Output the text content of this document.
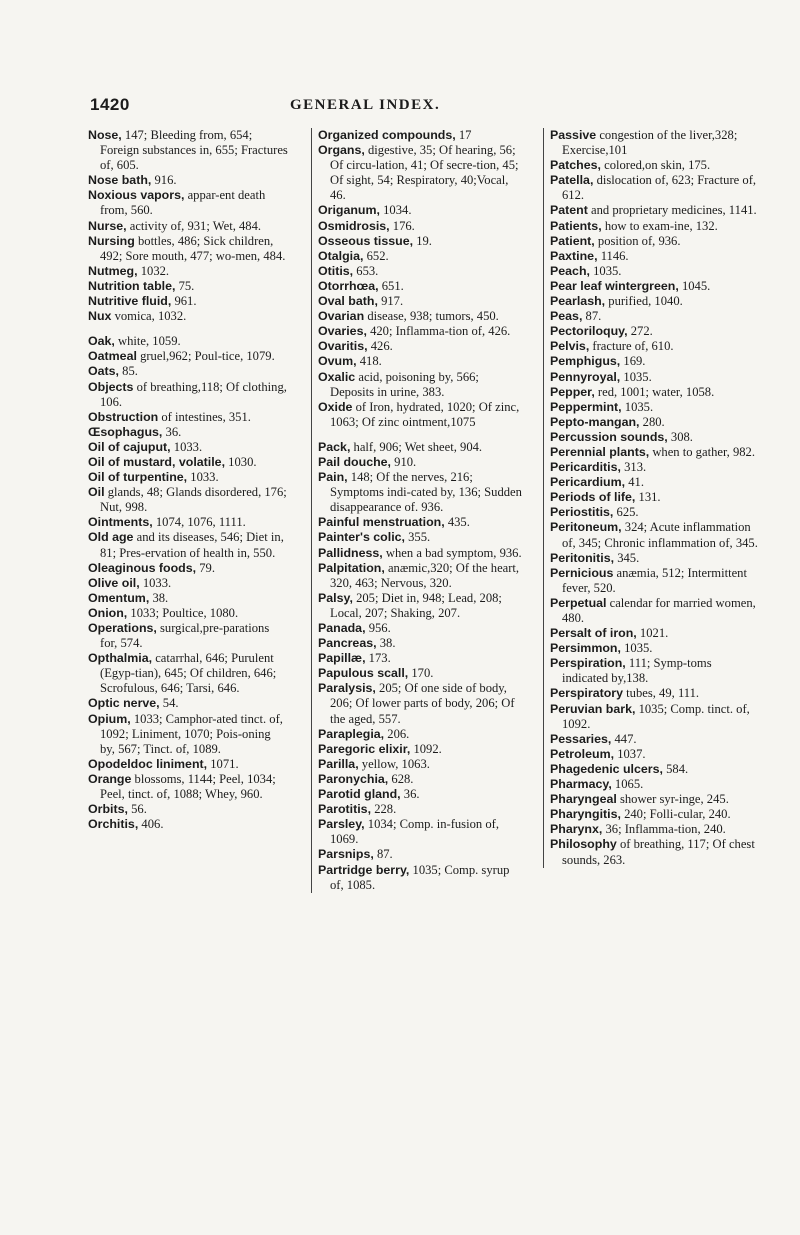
1420	GENERAL INDEX.

Nose, 147; Bleeding from, 654; Foreign substances in, 655; Fractures of, 605.

Nose bath, 916.

Noxious vapors, appar-ent death from, 560.

Nurse, activity of, 931; Wet, 484.

Nursing bottles, 486; Sick children, 492; Sore mouth, 477; wo-men, 484.

Nutmeg, 1032.

Nutrition table, 75.

Nutritive fluid, 961.

Nux vomica, 1032.

Oak, white, 1059.

Oatmeal gruel,962; Poul-tice, 1079.

Oats, 85.

Objects of breathing,118; Of clothing, 106.

Obstruction of intestines, 351.

Œsophagus, 36.

Oil of cajuput, 1033.

Oil of mustard, volatile, 1030.

Oil of turpentine, 1033.

Oil glands, 48; Glands disordered, 176; Nut, 998.

Ointments, 1074, 1076, 1111.

Old age and its diseases, 546; Diet in, 81; Pres-ervation of health in, 550.

Oleaginous foods, 79.

Olive oil, 1033.

Omentum, 38.

Onion, 1033; Poultice, 1080.

Operations, surgical,pre-parations for, 574.

Opthalmia, catarrhal, 646; Purulent (Egyp-tian), 645; Of children, 646; Scrofulous, 646; Tarsi, 646.

Optic nerve, 54.

Opium, 1033; Camphor-ated tinct. of, 1092; Liniment, 1070; Pois-oning by, 567; Tinct. of, 1089.

Opodeldoc liniment, 1071.

Orange blossoms, 1144; Peel, 1034; Peel, tinct. of, 1088; Whey, 960.

Orbits, 56.

Orchitis, 406.

Organized compounds, 17

Organs, digestive, 35; Of hearing, 56; Of circu-lation, 41; Of secre-tion, 45; Of sight, 54; Respiratory, 40;Vocal, 46.

Origanum, 1034.

Osmidrosis, 176.

Osseous tissue, 19.

Otalgia, 652.

Otitis, 653.

Otorrhœa, 651.

Oval bath, 917.

Ovarian disease, 938; tumors, 450.

Ovaries, 420; Inflamma-tion of, 426.

Ovaritis, 426.

Ovum, 418.

Oxalic acid, poisoning by, 566; Deposits in urine, 383.

Oxide of Iron, hydrated, 1020; Of zinc, 1063; Of zinc ointment,1075

Pack, half, 906; Wet sheet, 904.

Pail douche, 910.

Pain, 148; Of the nerves, 216; Symptoms indi-cated by, 136; Sudden disappearance of. 936.

Painful menstruation, 435.

Painter's colic, 355.

Pallidness, when a bad symptom, 936.

Palpitation, anæmic,320; Of the heart, 320, 463; Nervous, 320.

Palsy, 205; Diet in, 948; Lead, 208; Local, 207; Shaking, 207.

Panada, 956.

Pancreas, 38.

Papillæ, 173.

Papulous scall, 170.

Paralysis, 205; Of one side of body, 206; Of lower parts of body, 206; Of the aged, 557.

Paraplegia, 206.

Paregoric elixir, 1092.

Parilla, yellow, 1063.

Paronychia, 628.

Parotid gland, 36.

Parotitis, 228.

Parsley, 1034; Comp. in-fusion of, 1069.

Parsnips, 87.

Partridge berry, 1035; Comp. syrup of, 1085.

Passive congestion of the liver,328; Exercise,101

Patches, colored,on skin, 175.

Patella, dislocation of, 623; Fracture of, 612.

Patent and proprietary medicines, 1141.

Patients, how to exam-ine, 132.

Patient, position of, 936.

Paxtine, 1146.

Peach, 1035.

Pear leaf wintergreen, 1045.

Pearlash, purified, 1040.

Peas, 87.

Pectoriloquy, 272.

Pelvis, fracture of, 610.

Pemphigus, 169.

Pennyroyal, 1035.

Pepper, red, 1001; water, 1058.

Peppermint, 1035.

Pepto-mangan, 280.

Percussion sounds, 308.

Perennial plants, when to gather, 982.

Pericarditis, 313.

Pericardium, 41.

Periods of life, 131.

Periostitis, 625.

Peritoneum, 324; Acute inflammation of, 345; Chronic inflammation of, 345.

Peritonitis, 345.

Pernicious anæmia, 512; Intermittent fever, 520.

Perpetual calendar for married women, 480.

Persalt of iron, 1021.

Persimmon, 1035.

Perspiration, 111; Symp-toms indicated by,138.

Perspiratory tubes, 49, 111.

Peruvian bark, 1035; Comp. tinct. of, 1092.

Pessaries, 447.

Petroleum, 1037.

Phagedenic ulcers, 584.

Pharmacy, 1065.

Pharyngeal shower syr-inge, 245.

Pharyngitis, 240; Folli-cular, 240.

Pharynx, 36; Inflamma-tion, 240.

Philosophy of breathing, 117; Of chest sounds, 263.
